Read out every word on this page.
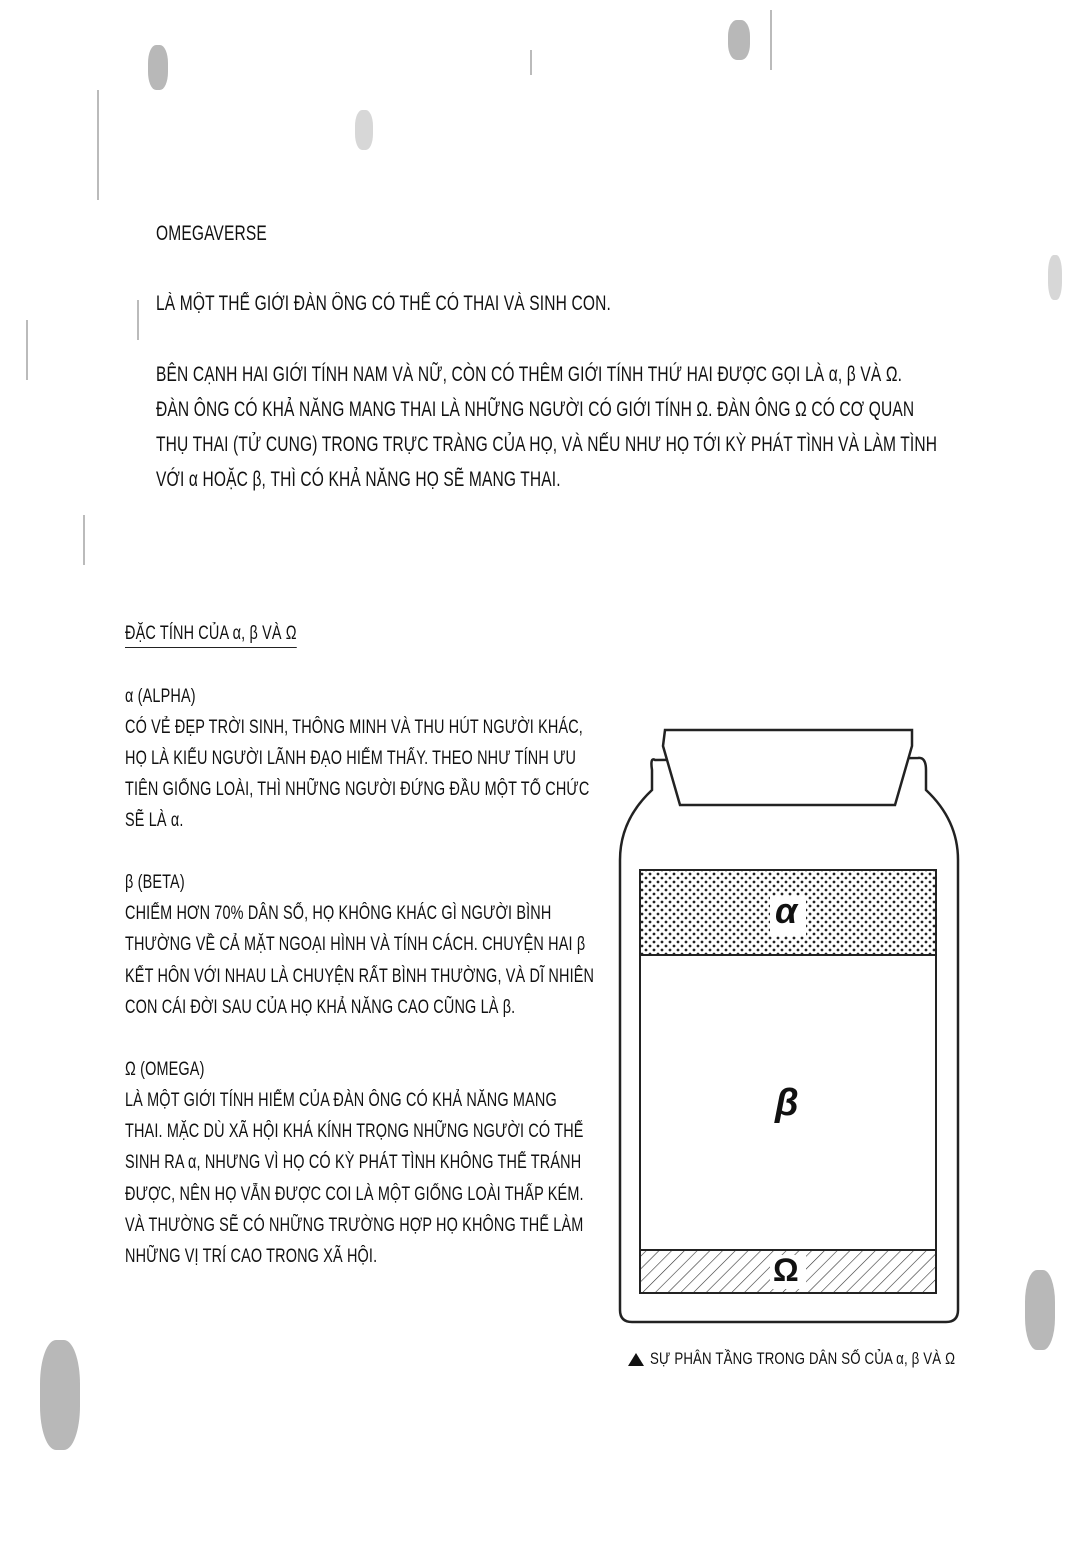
OMEGAVERSE
LÀ MỘT THẾ GIỚI ĐÀN ÔNG CÓ THỂ CÓ THAI VÀ SINH CON.
BÊN CẠNH HAI GIỚI TÍNH NAM VÀ NỮ, CÒN CÓ THÊM GIỚI TÍNH THỨ HAI ĐƯỢC GỌI LÀ α, β VÀ Ω.
ĐÀN ÔNG CÓ KHẢ NĂNG MANG THAI LÀ NHỮNG NGƯỜI CÓ GIỚI TÍNH Ω. ĐÀN ÔNG Ω CÓ CƠ QUAN
THỤ THAI (TỬ CUNG) TRONG TRỰC TRÀNG CỦA HỌ, VÀ NẾU NHƯ HỌ TỚI KỲ PHÁT TÌNH VÀ LÀM TÌNH
VỚI α HOẶC β, THÌ CÓ KHẢ NĂNG HỌ SẼ MANG THAI.
ĐẶC TÍNH CỦA α, β VÀ Ω
α (ALPHA)
CÓ VẺ ĐẸP TRỜI SINH, THÔNG MINH VÀ THU HÚT NGƯỜI KHÁC,
HỌ LÀ KIỂU NGƯỜI LÃNH ĐẠO HIẾM THẤY. THEO NHƯ TÍNH ƯU
TIÊN GIỐNG LOÀI, THÌ NHỮNG NGƯỜI ĐỨNG ĐẦU MỘT TỔ CHỨC
SẼ LÀ α.
β (BETA)
CHIẾM HƠN 70% DÂN SỐ, HỌ KHÔNG KHÁC GÌ NGƯỜI BÌNH
THƯỜNG VỀ CẢ MẶT NGOẠI HÌNH VÀ TÍNH CÁCH. CHUYỆN HAI β
KẾT HÔN VỚI NHAU LÀ CHUYỆN RẤT BÌNH THƯỜNG, VÀ DĨ NHIÊN
CON CÁI ĐỜI SAU CỦA HỌ KHẢ NĂNG CAO CŨNG LÀ β.
Ω (OMEGA)
LÀ MỘT GIỚI TÍNH HIẾM CỦA ĐÀN ÔNG CÓ KHẢ NĂNG MANG
THAI. MẶC DÙ XÃ HỘI KHÁ KÍNH TRỌNG NHỮNG NGƯỜI CÓ THỂ
SINH RA α, NHƯNG VÌ HỌ CÓ KỲ PHÁT TÌNH KHÔNG THỂ TRÁNH
ĐƯỢC, NÊN HỌ VẪN ĐƯỢC COI LÀ MỘT GIỐNG LOÀI THẤP KÉM.
VÀ THƯỜNG SẼ CÓ NHỮNG TRƯỜNG HỢP HỌ KHÔNG THỂ LÀM
NHỮNG VỊ TRÍ CAO TRONG XÃ HỘI.
α
β
Ω
SỰ PHÂN TẦNG TRONG DÂN SỐ CỦA α, β VÀ Ω
